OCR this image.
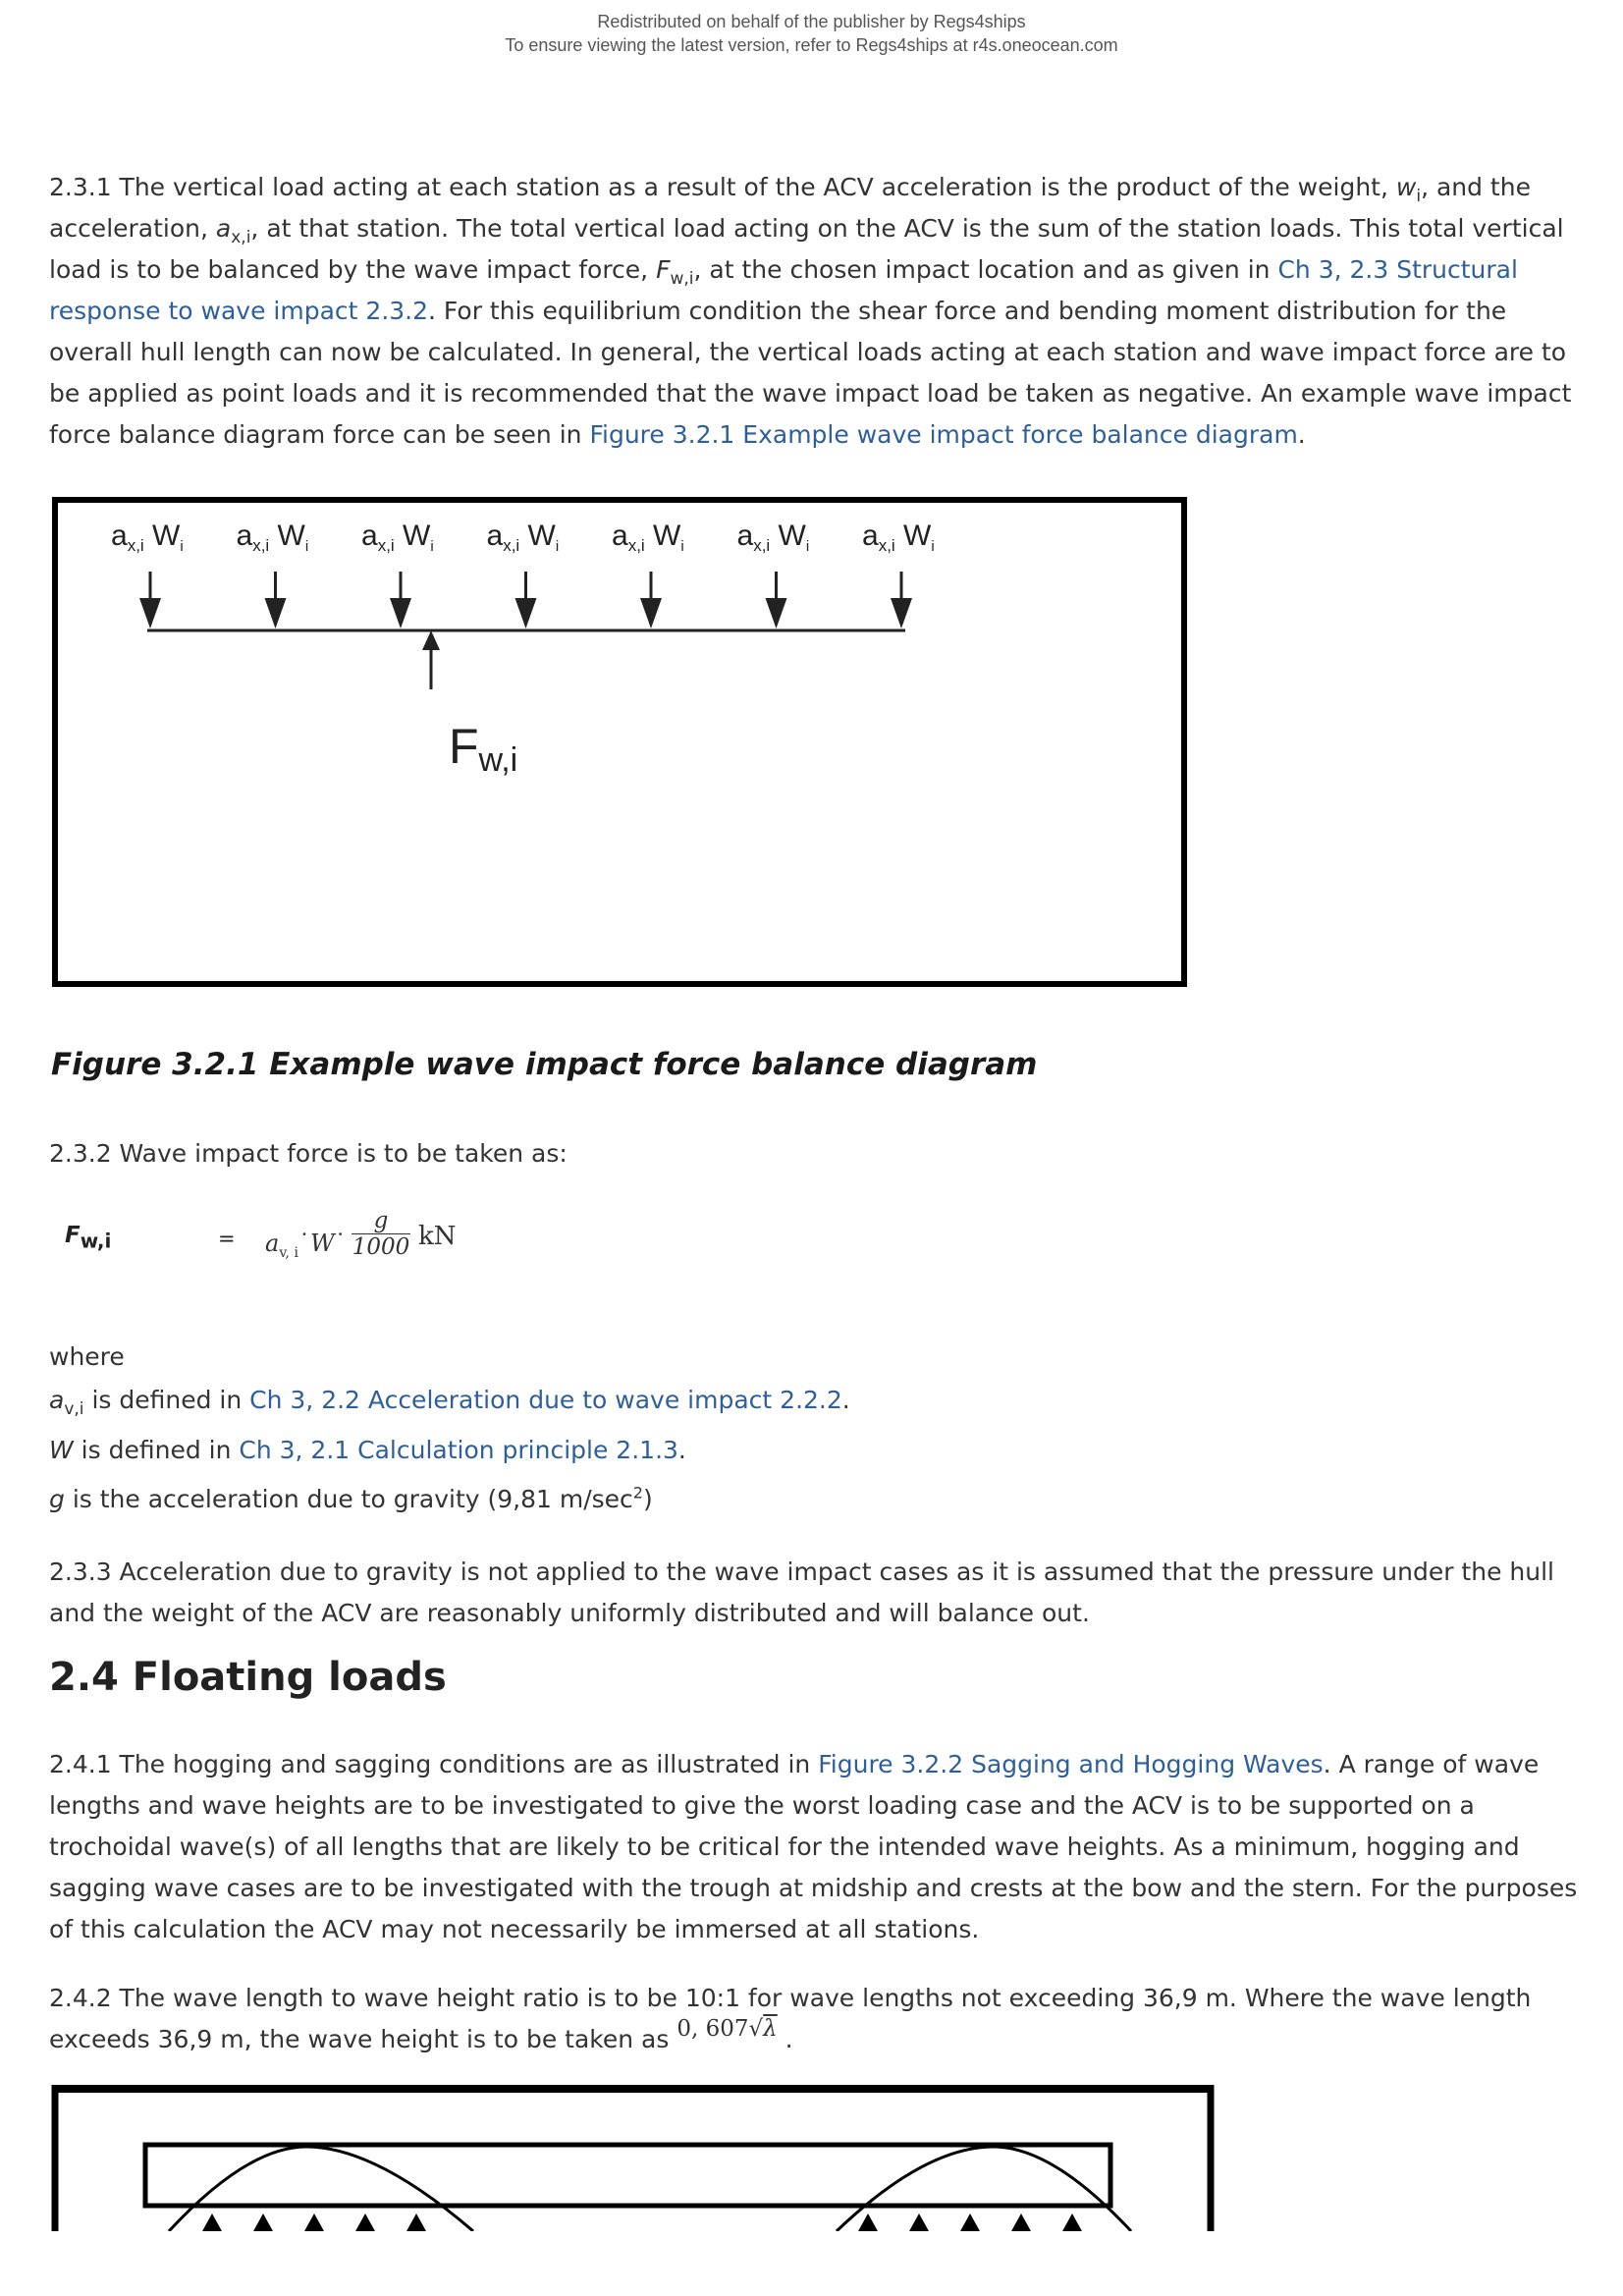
Redistributed on behalf of the publisher by Regs4ships
To ensure viewing the latest version, refer to Regs4ships at r4s.oneocean.com

2.3.1 The vertical load acting at each station as a result of the ACV acceleration is the product of the weight, $w_i$, and the acceleration, $a_{x,i}$, at that station. The total vertical load acting on the ACV is the sum of the station loads. This total vertical load is to be balanced by the wave impact force, $F_{w,i}$, at the chosen impact location and as given in Ch 3, 2.3 Structural response to wave impact 2.3.2. For this equilibrium condition the shear force and bending moment distribution for the overall hull length can now be calculated. In general, the vertical loads acting at each station and wave impact force are to be applied as point loads and it is recommended that the wave impact load be taken as negative. An example wave impact force balance diagram force can be seen in Figure 3.2.1 Example wave impact force balance diagram.

$a_{x,i}$ $W_i$ $a_{x,i}$ $W_i$ $a_{x,i}$ $W_i$ $a_{x,i}$ $W_i$ $a_{x,i}$ $W_i$ $a_{x,i}$ $W_i$ $a_{x,i}$ $W_i$
Fw,i

Figure 3.2.1 Example wave impact force balance diagram

2.3.2 Wave impact force is to be taken as:

$F_{w,i}$	= $a_{v, i}˙W˙$
g
1000 kN

where

$a_{v,i}$ is defined in Ch 3, 2.2 Acceleration due to wave impact 2.2.2.

W is defined in Ch 3, 2.1 Calculation principle 2.1.3.

g is the acceleration due to gravity (9,81 $m/\sec^2$)

2.3.3 Acceleration due to gravity is not applied to the wave impact cases as it is assumed that the pressure under the hull and the weight of the ACV are reasonably uniformly distributed and will balance out.

2.4 Floating loads

2.4.1 The hogging and sagging conditions are as illustrated in Figure 3.2.2 Sagging and Hogging Waves. A range of wave lengths and wave heights are to be investigated to give the worst loading case and the ACV is to be supported on a trochoidal wave(s) of all lengths that are likely to be critical for the intended wave heights. As a minimum, hogging and sagging wave cases are to be investigated with the trough at midship and crests at the bow and the stern. For the purposes of this calculation the ACV may not necessarily be immersed at all stations.

2.4.2 The wave length to wave height ratio is to be 10:1 for wave lengths not exceeding 36,9 m. Where the wave length exceeds 36,9 m, the wave height is to be taken as 0, 607√λ .
